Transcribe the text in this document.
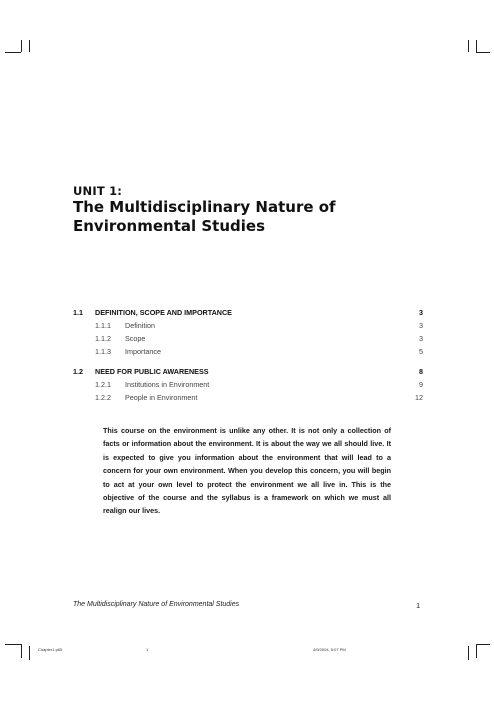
UNIT 1:
The Multidisciplinary Nature of Environmental Studies
1.1 DEFINITION, SCOPE AND IMPORTANCE	3
1.1.1 Definition	3
1.1.2 Scope	3
1.1.3 Importance	5
1.2 NEED FOR PUBLIC AWARENESS	8
1.2.1 Institutions in Environment	9
1.2.2 People in Environment	12
This course on the environment is unlike any other. It is not only a collection of facts or information about the environment. It is about the way we all should live. It is expected to give you information about the environment that will lead to a concern for your own environment. When you develop this concern, you will begin to act at your own level to protect the environment we all live in. This is the objective of the course and the syllabus is a framework on which we must all realign our lives.
The Multidisciplinary Nature of Environmental Studies	1
Chapter1.p65	1	4/9/2004, 5:07 PM
